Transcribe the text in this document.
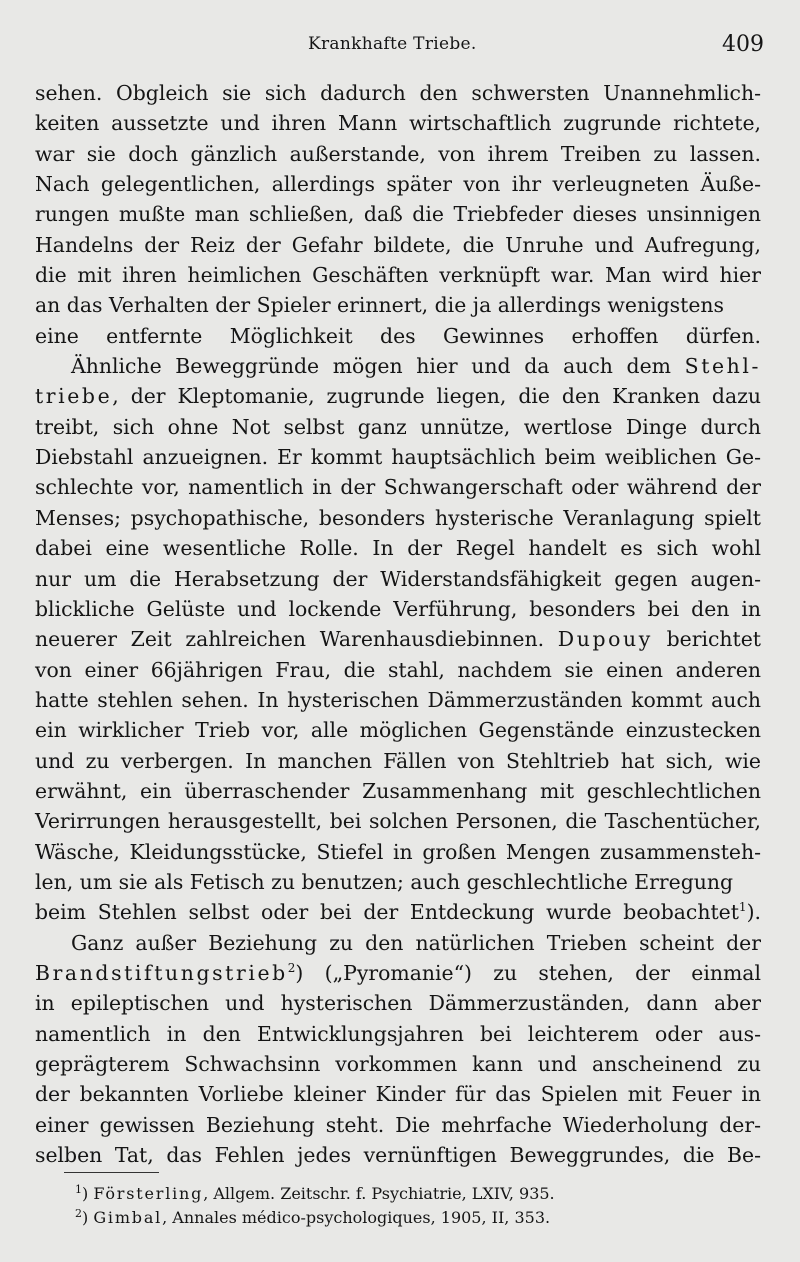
Krankhafte Triebe.	409
sehen. Obgleich sie sich dadurch den schwersten Unannehmlich-
keiten aussetzte und ihren Mann wirtschaftlich zugrunde richtete,
war sie doch gänzlich außerstande, von ihrem Treiben zu lassen.
Nach gelegentlichen, allerdings später von ihr verleugneten Äuße-
rungen mußte man schließen, daß die Triebfeder dieses unsinnigen
Handelns der Reiz der Gefahr bildete, die Unruhe und Aufregung,
die mit ihren heimlichen Geschäften verknüpft war. Man wird hier
an das Verhalten der Spieler erinnert, die ja allerdings wenigstens
eine entfernte Möglichkeit des Gewinnes erhoffen dürfen.
Ähnliche Beweggründe mögen hier und da auch dem Stehl-
triebe, der Kleptomanie, zugrunde liegen, die den Kranken dazu
treibt, sich ohne Not selbst ganz unnütze, wertlose Dinge durch
Diebstahl anzueignen. Er kommt hauptsächlich beim weiblichen Ge-
schlechte vor, namentlich in der Schwangerschaft oder während der
Menses; psychopathische, besonders hysterische Veranlagung spielt
dabei eine wesentliche Rolle. In der Regel handelt es sich wohl
nur um die Herabsetzung der Widerstandsfähigkeit gegen augen-
blickliche Gelüste und lockende Verführung, besonders bei den in
neuerer Zeit zahlreichen Warenhausdiebinnen. Dupouy berichtet
von einer 66jährigen Frau, die stahl, nachdem sie einen anderen
hatte stehlen sehen. In hysterischen Dämmerzuständen kommt auch
ein wirklicher Trieb vor, alle möglichen Gegenstände einzustecken
und zu verbergen. In manchen Fällen von Stehltrieb hat sich, wie
erwähnt, ein überraschender Zusammenhang mit geschlechtlichen
Verirrungen herausgestellt, bei solchen Personen, die Taschentücher,
Wäsche, Kleidungsstücke, Stiefel in großen Mengen zusammensteh-
len, um sie als Fetisch zu benutzen; auch geschlechtliche Erregung
beim Stehlen selbst oder bei der Entdeckung wurde beobachtet$^1$).
Ganz außer Beziehung zu den natürlichen Trieben scheint der
Brandstiftungstrieb$^2$) („Pyromanie“) zu stehen, der einmal
in epileptischen und hysterischen Dämmerzuständen, dann aber
namentlich in den Entwicklungsjahren bei leichterem oder aus-
geprägterem Schwachsinn vorkommen kann und anscheinend zu
der bekannten Vorliebe kleiner Kinder für das Spielen mit Feuer in
einer gewissen Beziehung steht. Die mehrfache Wiederholung der-
selben Tat, das Fehlen jedes vernünftigen Beweggrundes, die Be-
$^1$) Försterling, Allgem. Zeitschr. f. Psychiatrie, LXIV, 935.
$^2$) Gimbal, Annales médico-psychologiques, 1905, II, 353.
